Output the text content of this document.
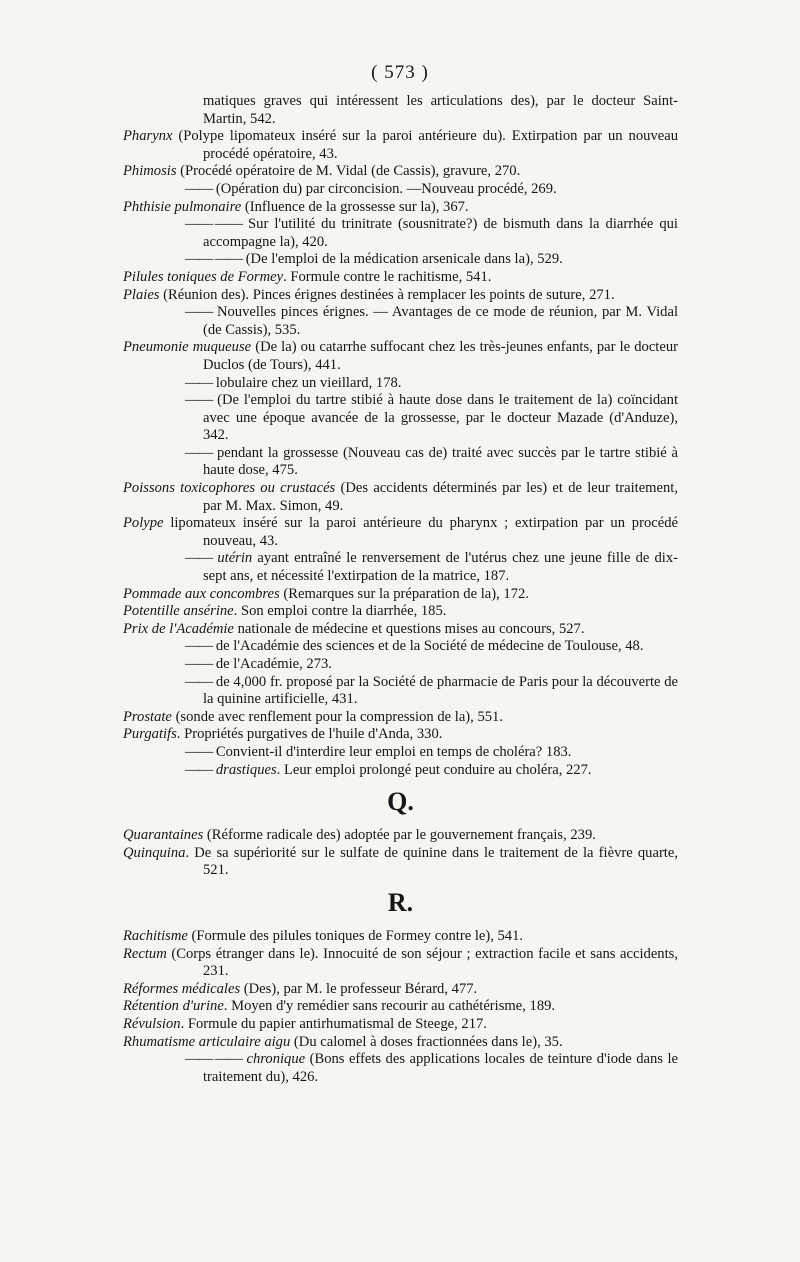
( 573 )
matiques graves qui intéressent les articulations des), par le docteur Saint-Martin, 542.
Pharynx (Polype lipomateux inséré sur la paroi antérieure du). Extirpation par un nouveau procédé opératoire, 43.
Phimosis (Procédé opératoire de M. Vidal (de Cassis), gravure, 270.
—— (Opération du) par circoncision. —Nouveau procédé, 269.
Phthisie pulmonaire (Influence de la grossesse sur la), 367.
—— —— Sur l'utilité du trinitrate (sousnitrate?) de bismuth dans la diarrhée qui accompagne la), 420.
—— —— (De l'emploi de la médication arsenicale dans la), 529.
Pilules toniques de Formey. Formule contre le rachitisme, 541.
Plaies (Réunion des). Pinces érignes destinées à remplacer les points de suture, 271.
—— Nouvelles pinces érignes. — Avantages de ce mode de réunion, par M. Vidal (de Cassis), 535.
Pneumonie muqueuse (De la) ou catarrhe suffocant chez les très-jeunes enfants, par le docteur Duclos (de Tours), 441.
—— lobulaire chez un vieillard, 178.
—— (De l'emploi du tartre stibié à haute dose dans le traitement de la) coïncidant avec une époque avancée de la grossesse, par le docteur Mazade (d'Anduze), 342.
—— pendant la grossesse (Nouveau cas de) traité avec succès par le tartre stibié à haute dose, 475.
Poissons toxicophores ou crustacés (Des accidents déterminés par les) et de leur traitement, par M. Max. Simon, 49.
Polype lipomateux inséré sur la paroi antérieure du pharynx ; extirpation par un procédé nouveau, 43.
—— utérin ayant entraîné le renversement de l'utérus chez une jeune fille de dix-sept ans, et nécessité l'extirpation de la matrice, 187.
Pommade aux concombres (Remarques sur la préparation de la), 172.
Potentille ansérine. Son emploi contre la diarrhée, 185.
Prix de l'Académie nationale de médecine et questions mises au concours, 527.
—— de l'Académie des sciences et de la Société de médecine de Toulouse, 48.
—— de l'Académie, 273.
—— de 4,000 fr. proposé par la Société de pharmacie de Paris pour la découverte de la quinine artificielle, 431.
Prostate (sonde avec renflement pour la compression de la), 551.
Purgatifs. Propriétés purgatives de l'huile d'Anda, 330.
—— Convient-il d'interdire leur emploi en temps de choléra? 183.
—— drastiques. Leur emploi prolongé peut conduire au choléra, 227.
Q.
Quarantaines (Réforme radicale des) adoptée par le gouvernement français, 239.
Quinquina. De sa supériorité sur le sulfate de quinine dans le traitement de la fièvre quarte, 521.
R.
Rachitisme (Formule des pilules toniques de Formey contre le), 541.
Rectum (Corps étranger dans le). Innocuité de son séjour ; extraction facile et sans accidents, 231.
Réformes médicales (Des), par M. le professeur Bérard, 477.
Rétention d'urine. Moyen d'y remédier sans recourir au cathétérisme, 189.
Révulsion. Formule du papier antirhumatismal de Steege, 217.
Rhumatisme articulaire aigu (Du calomel à doses fractionnées dans le), 35.
—— —— chronique (Bons effets des applications locales de teinture d'iode dans le traitement du), 426.
